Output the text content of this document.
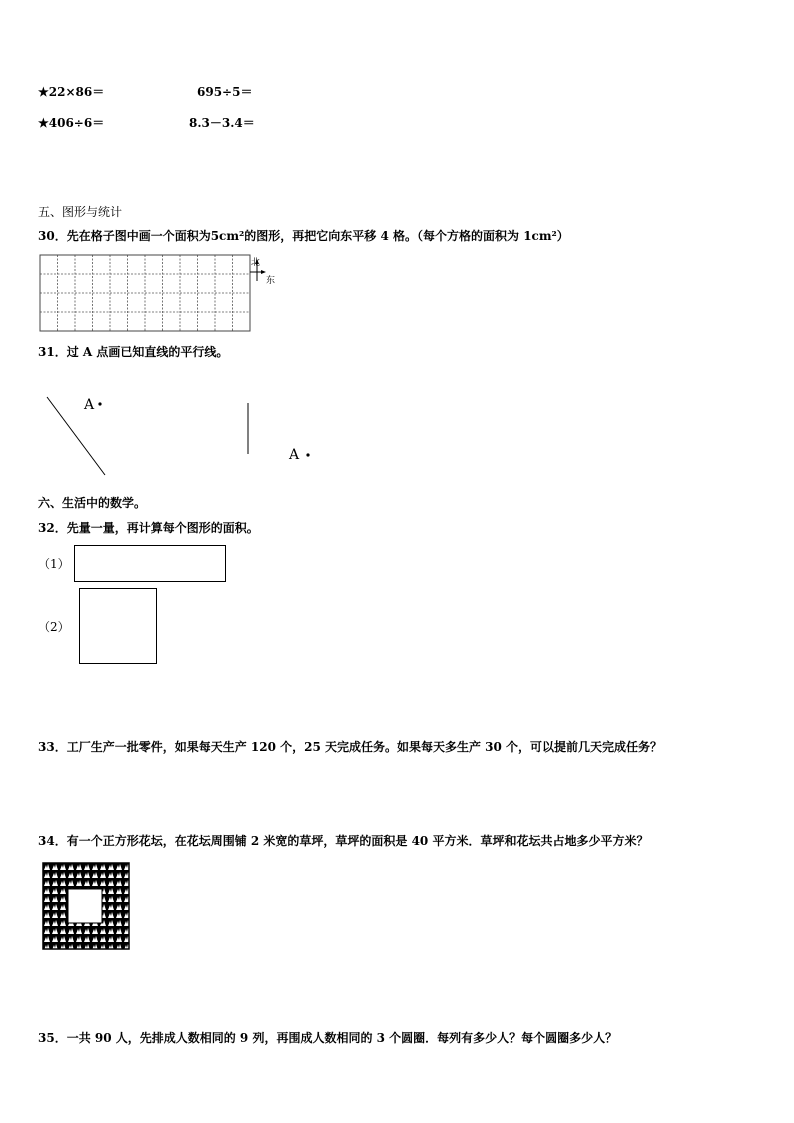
★22×86＝	695÷5＝
★406÷6＝	8.3－3.4＝
五、图形与统计
30．先在格子图中画一个面积为5cm²的图形，再把它向东平移 4 格。（每个方格的面积为 1cm²）
北
东
31．过 A 点画已知直线的平行线。
A
A
六、生活中的数学。
32．先量一量，再计算每个图形的面积。
（1）
（2）
33．工厂生产一批零件，如果每天生产 120 个，25 天完成任务。如果每天多生产 30 个，可以提前几天完成任务？
34．有一个正方形花坛，在花坛周围铺 2 米宽的草坪，草坪的面积是 40 平方米．草坪和花坛共占地多少平方米？
35．一共 90 人，先排成人数相同的 9 列，再围成人数相同的 3 个圆圈．每列有多少人？每个圆圈多少人？
